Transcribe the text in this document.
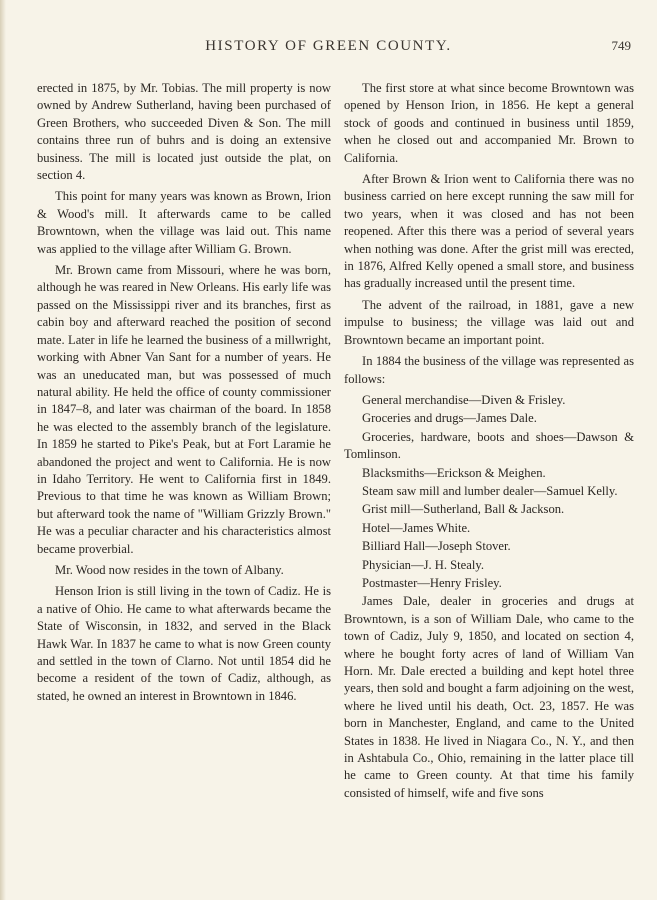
HISTORY OF GREEN COUNTY.	749

erected in 1875, by Mr. Tobias. The mill property is now owned by Andrew Sutherland, having been purchased of Green Brothers, who succeeded Diven & Son. The mill contains three run of buhrs and is doing an extensive business. The mill is located just outside the plat, on section 4.

This point for many years was known as Brown, Irion & Wood's mill. It afterwards came to be called Browntown, when the village was laid out. This name was applied to the village after William G. Brown.

Mr. Brown came from Missouri, where he was born, although he was reared in New Orleans. His early life was passed on the Mississippi river and its branches, first as cabin boy and afterward reached the position of second mate. Later in life he learned the business of a millwright, working with Abner Van Sant for a number of years. He was an uneducated man, but was possessed of much natural ability. He held the office of county commissioner in 1847–8, and later was chairman of the board. In 1858 he was elected to the assembly branch of the legislature. In 1859 he started to Pike's Peak, but at Fort Laramie he abandoned the project and went to California. He is now in Idaho Territory. He went to California first in 1849. Previous to that time he was known as William Brown; but afterward took the name of "William Grizzly Brown." He was a peculiar character and his characteristics almost became proverbial.

Mr. Wood now resides in the town of Albany.

Henson Irion is still living in the town of Cadiz. He is a native of Ohio. He came to what afterwards became the State of Wisconsin, in 1832, and served in the Black Hawk War. In 1837 he came to what is now Green county and settled in the town of Clarno. Not until 1854 did he become a resident of the town of Cadiz, although, as stated, he owned an interest in Browntown in 1846.

The first store at what since become Browntown was opened by Henson Irion, in 1856. He kept a general stock of goods and continued in business until 1859, when he closed out and accompanied Mr. Brown to California.

After Brown & Irion went to California there was no business carried on here except running the saw mill for two years, when it was closed and has not been reopened. After this there was a period of several years when nothing was done. After the grist mill was erected, in 1876, Alfred Kelly opened a small store, and business has gradually increased until the present time.

The advent of the railroad, in 1881, gave a new impulse to business; the village was laid out and Browntown became an important point.

In 1884 the business of the village was represented as follows:

General merchandise—Diven & Frisley.

Groceries and drugs—James Dale.

Groceries, hardware, boots and shoes—Dawson & Tomlinson.

Blacksmiths—Erickson & Meighen.

Steam saw mill and lumber dealer—Samuel Kelly.

Grist mill—Sutherland, Ball & Jackson.

Hotel—James White.

Billiard Hall—Joseph Stover.

Physician—J. H. Stealy.

Postmaster—Henry Frisley.

James Dale, dealer in groceries and drugs at Browntown, is a son of William Dale, who came to the town of Cadiz, July 9, 1850, and located on section 4, where he bought forty acres of land of William Van Horn. Mr. Dale erected a building and kept hotel three years, then sold and bought a farm adjoining on the west, where he lived until his death, Oct. 23, 1857. He was born in Manchester, England, and came to the United States in 1838. He lived in Niagara Co., N. Y., and then in Ashtabula Co., Ohio, remaining in the latter place till he came to Green county. At that time his family consisted of himself, wife and five sons
